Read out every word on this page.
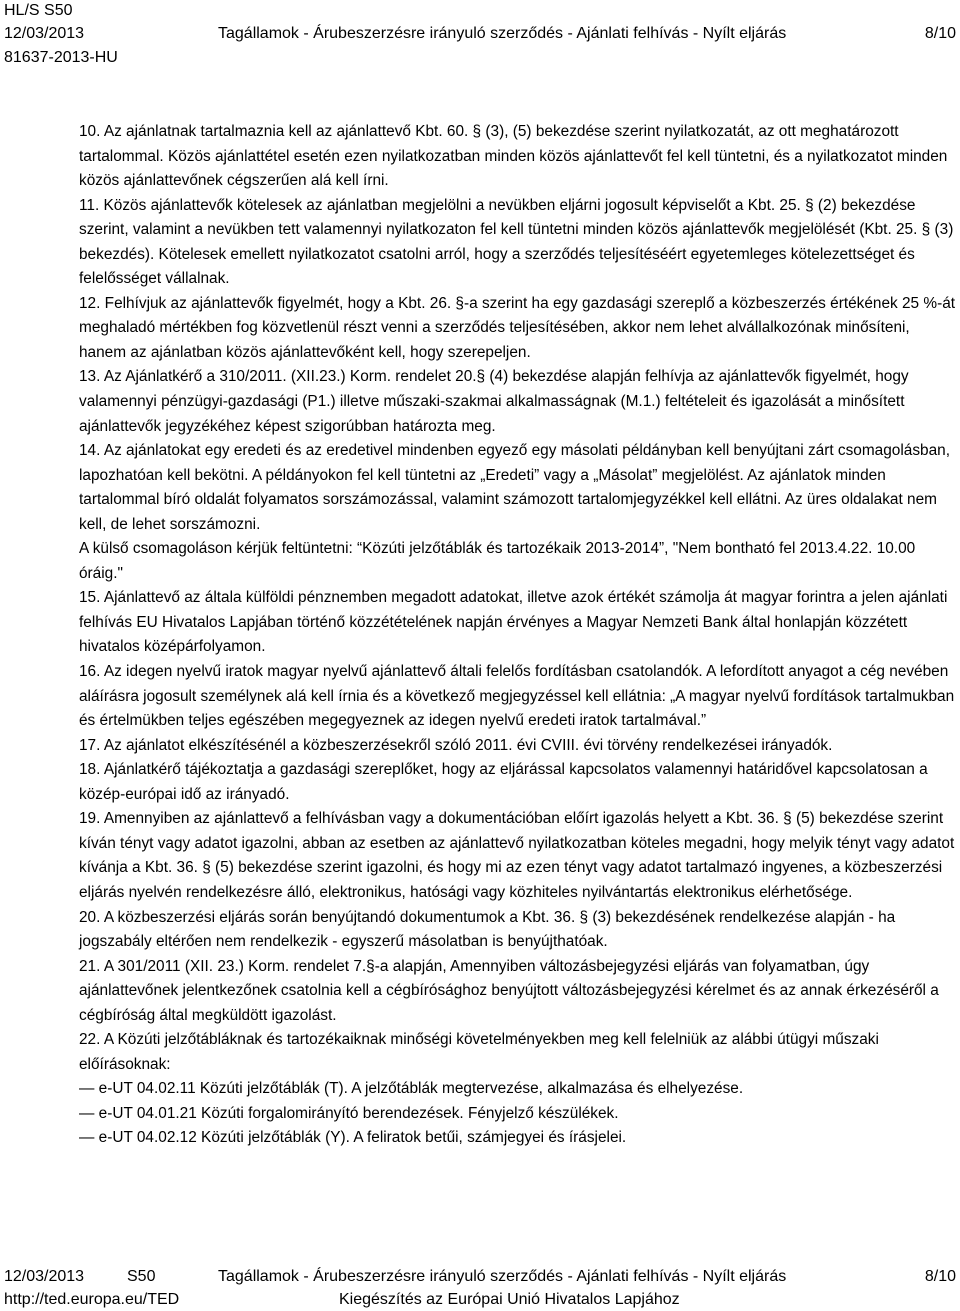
HL/S S50
12/03/2013	Tagállamok - Árubeszerzésre irányuló szerződés - Ajánlati felhívás - Nyílt eljárás	8/10
81637-2013-HU

10. Az ajánlatnak tartalmaznia kell az ajánlattevő Kbt. 60. § (3), (5) bekezdése szerint nyilatkozatát, az ott meghatározott tartalommal. Közös ajánlattétel esetén ezen nyilatkozatban minden közös ajánlattevőt fel kell tüntetni, és a nyilatkozatot minden közös ajánlattevőnek cégszerűen alá kell írni.

11. Közös ajánlattevők kötelesek az ajánlatban megjelölni a nevükben eljárni jogosult képviselőt a Kbt. 25. § (2) bekezdése szerint, valamint a nevükben tett valamennyi nyilatkozaton fel kell tüntetni minden közös ajánlattevők megjelölését (Kbt. 25. § (3) bekezdés). Kötelesek emellett nyilatkozatot csatolni arról, hogy a szerződés teljesítéséért egyetemleges kötelezettséget és felelősséget vállalnak.

12. Felhívjuk az ajánlattevők figyelmét, hogy a Kbt. 26. §-a szerint ha egy gazdasági szereplő a közbeszerzés értékének 25 %-át meghaladó mértékben fog közvetlenül részt venni a szerződés teljesítésében, akkor nem lehet alvállalkozónak minősíteni, hanem az ajánlatban közös ajánlattevőként kell, hogy szerepeljen.

13. Az Ajánlatkérő a 310/2011. (XII.23.) Korm. rendelet 20.§ (4) bekezdése alapján felhívja az ajánlattevők figyelmét, hogy valamennyi pénzügyi-gazdasági (P1.) illetve műszaki-szakmai alkalmasságnak (M.1.) feltételeit és igazolását a minősített ajánlattevők jegyzékéhez képest szigorúbban határozta meg.

14. Az ajánlatokat egy eredeti és az eredetivel mindenben egyező egy másolati példányban kell benyújtani zárt csomagolásban, lapozhatóan kell bekötni. A példányokon fel kell tüntetni az „Eredeti” vagy a „Másolat” megjelölést. Az ajánlatok minden tartalommal bíró oldalát folyamatos sorszámozással, valamint számozott tartalomjegyzékkel kell ellátni. Az üres oldalakat nem kell, de lehet sorszámozni.

A külső csomagoláson kérjük feltüntetni: “Közúti jelzőtáblák és tartozékaik 2013-2014”, "Nem bontható fel 2013.4.22. 10.00 óráig."

15. Ajánlattevő az általa külföldi pénznemben megadott adatokat, illetve azok értékét számolja át magyar forintra a jelen ajánlati felhívás EU Hivatalos Lapjában történő közzétételének napján érvényes a Magyar Nemzeti Bank által honlapján közzétett hivatalos középárfolyamon.

16. Az idegen nyelvű iratok magyar nyelvű ajánlattevő általi felelős fordításban csatolandók. A lefordított anyagot a cég nevében aláírásra jogosult személynek alá kell írnia és a következő megjegyzéssel kell ellátnia: „A magyar nyelvű fordítások tartalmukban és értelmükben teljes egészében megegyeznek az idegen nyelvű eredeti iratok tartalmával.”

17. Az ajánlatot elkészítésénél a közbeszerzésekről szóló 2011. évi CVIII. évi törvény rendelkezései irányadók.

18. Ajánlatkérő tájékoztatja a gazdasági szereplőket, hogy az eljárással kapcsolatos valamennyi határidővel kapcsolatosan a közép-európai idő az irányadó.

19. Amennyiben az ajánlattevő a felhívásban vagy a dokumentációban előírt igazolás helyett a Kbt. 36. § (5) bekezdése szerint kíván tényt vagy adatot igazolni, abban az esetben az ajánlattevő nyilatkozatban köteles megadni, hogy melyik tényt vagy adatot kívánja a Kbt. 36. § (5) bekezdése szerint igazolni, és hogy mi az ezen tényt vagy adatot tartalmazó ingyenes, a közbeszerzési eljárás nyelvén rendelkezésre álló, elektronikus, hatósági vagy közhiteles nyilvántartás elektronikus elérhetősége.

20. A közbeszerzési eljárás során benyújtandó dokumentumok a Kbt. 36. § (3) bekezdésének rendelkezése alapján - ha jogszabály eltérően nem rendelkezik - egyszerű másolatban is benyújthatóak.

21. A 301/2011 (XII. 23.) Korm. rendelet 7.§-a alapján, Amennyiben változásbejegyzési eljárás van folyamatban, úgy ajánlattevőnek jelentkezőnek csatolnia kell a cégbírósághoz benyújtott változásbejegyzési kérelmet és az annak érkezéséről a cégbíróság által megküldött igazolást.

22. A Közúti jelzőtábláknak és tartozékaiknak minőségi követelményekben meg kell felelniük az alábbi útügyi műszaki előírásoknak:

— e-UT 04.02.11 Közúti jelzőtáblák (T). A jelzőtáblák megtervezése, alkalmazása és elhelyezése.

— e-UT 04.01.21 Közúti forgalomirányító berendezések. Fényjelző készülékek.

— e-UT 04.02.12 Közúti jelzőtáblák (Y). A feliratok betűi, számjegyei és írásjelei.

12/03/2013	S50	Tagállamok - Árubeszerzésre irányuló szerződés - Ajánlati felhívás - Nyílt eljárás	8/10
http://ted.europa.eu/TED	Kiegészítés az Európai Unió Hivatalos Lapjához
